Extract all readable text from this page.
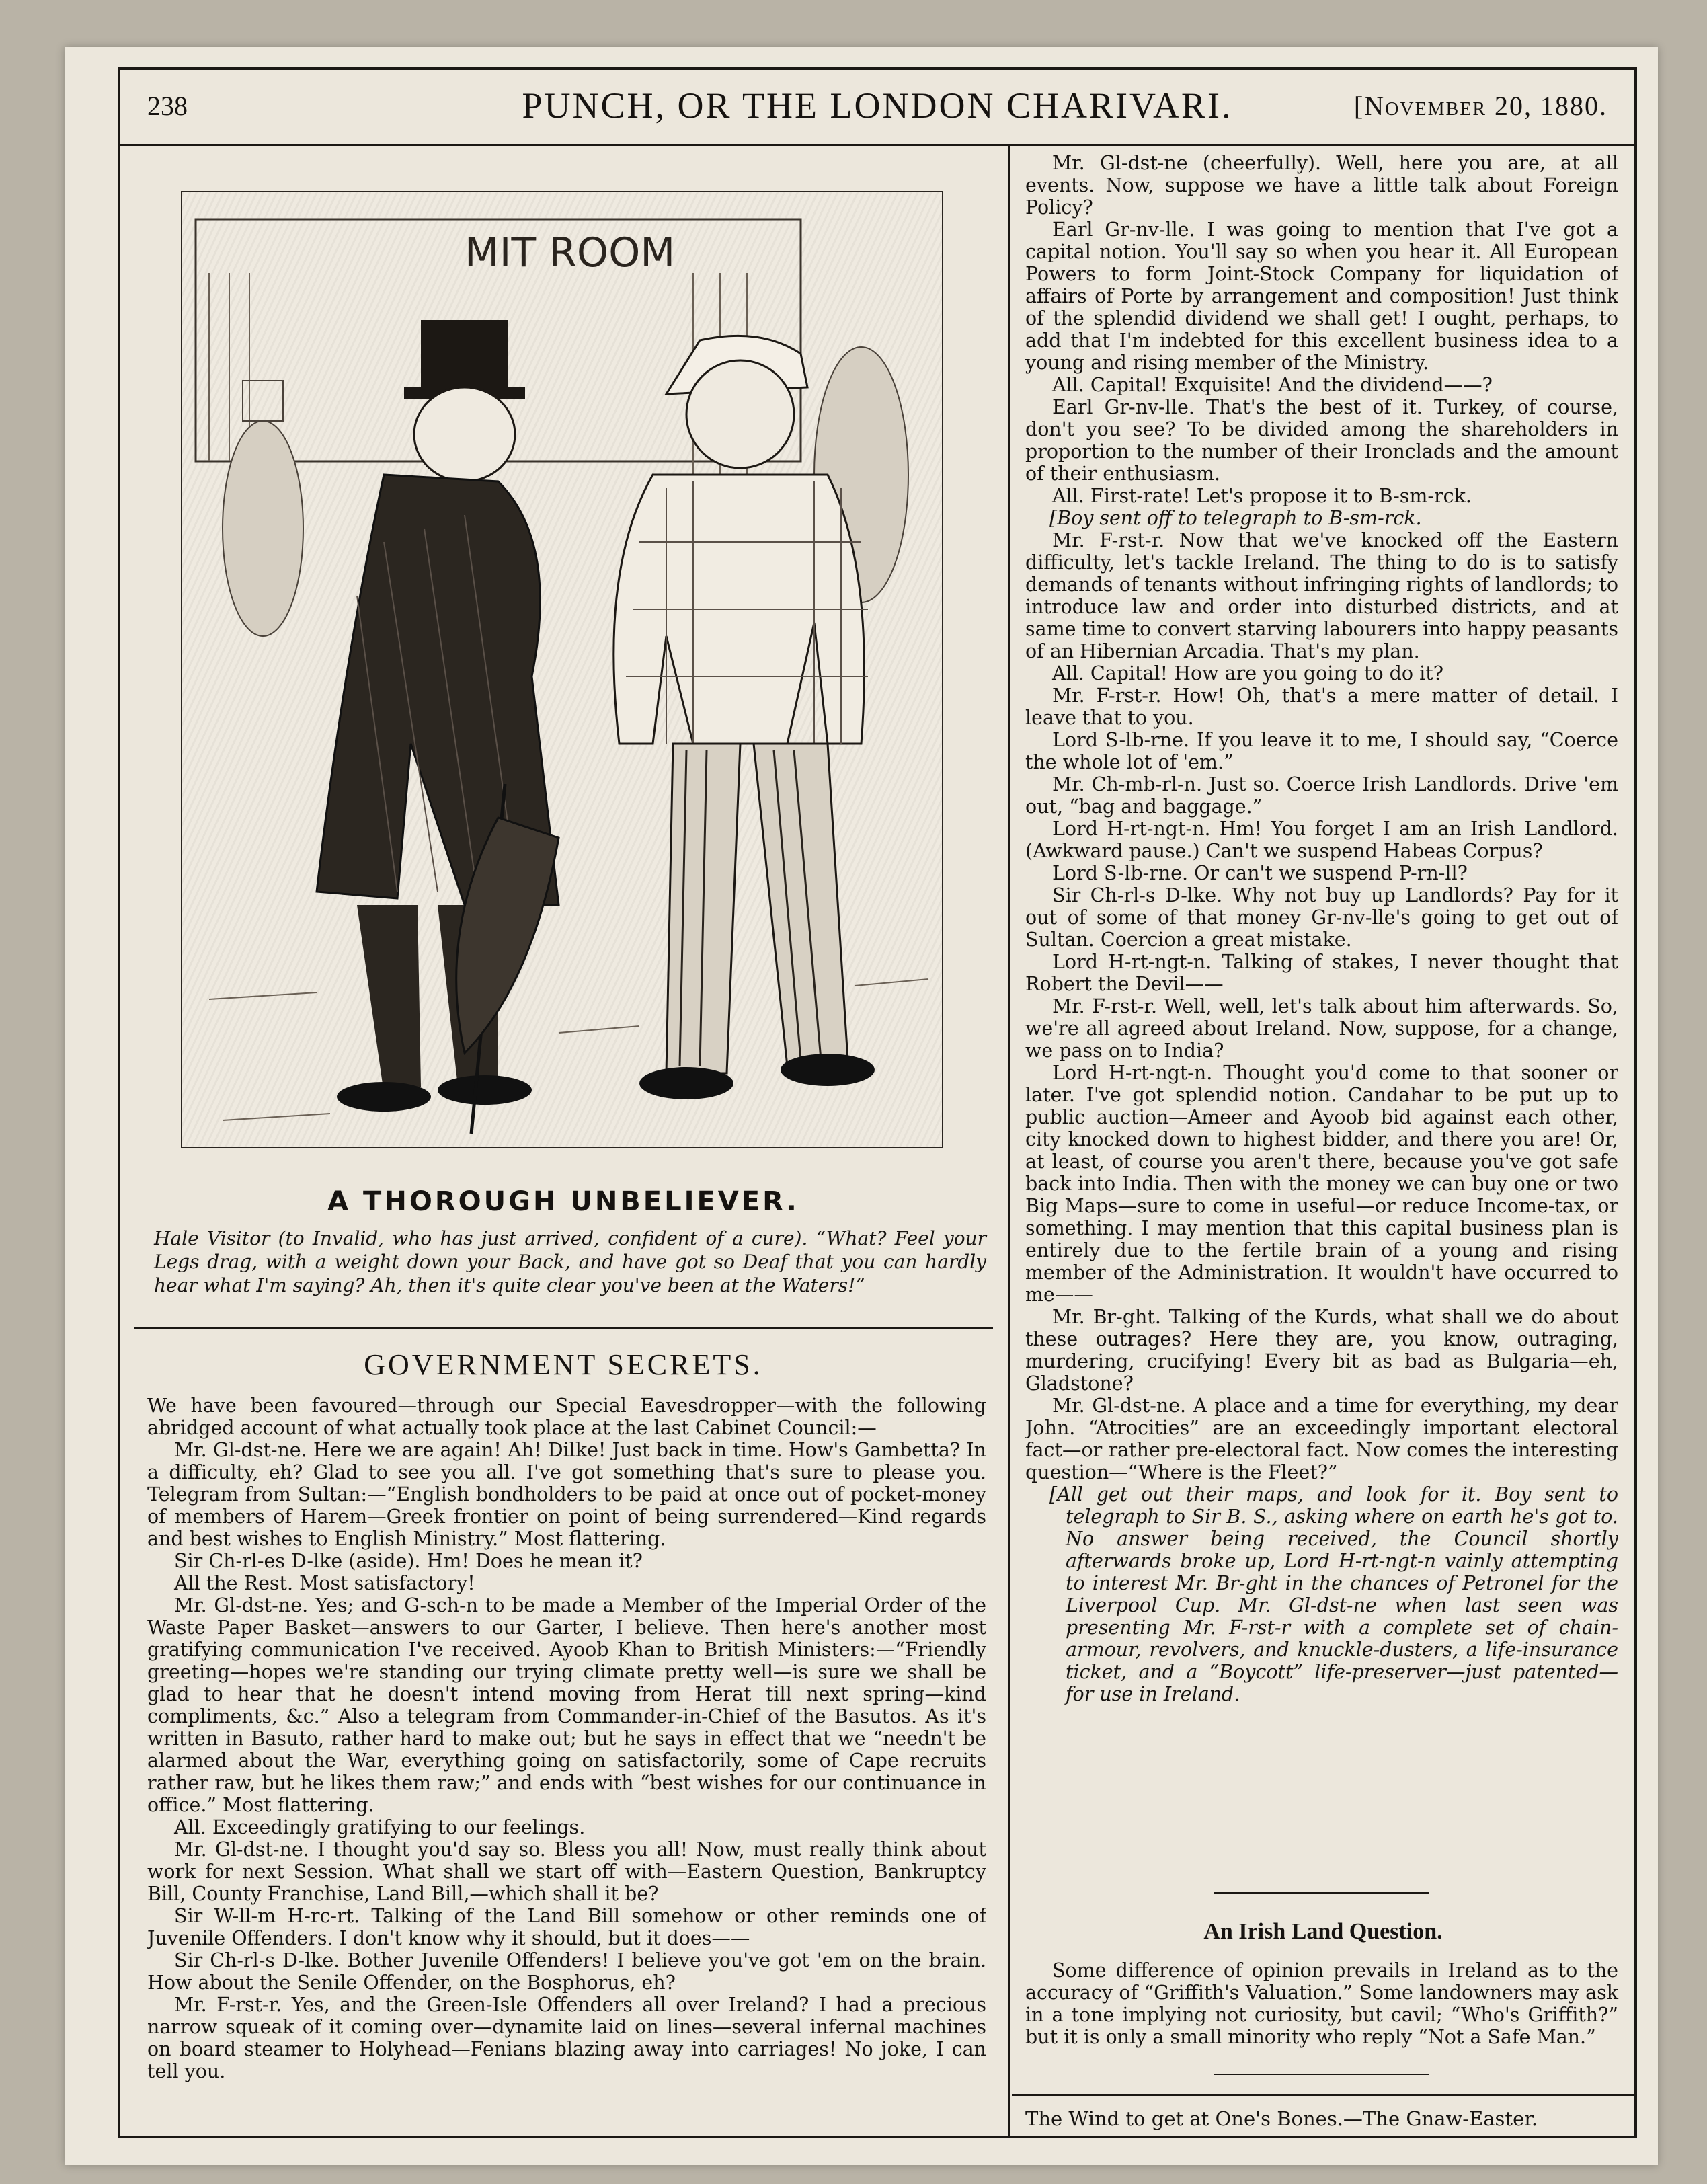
238	PUNCH, OR THE LONDON CHARIVARI.	[November 20, 1880.
MIT ROOM
A THOROUGH UNBELIEVER.
Hale Visitor (to Invalid, who has just arrived, confident of a cure). “What? Feel your Legs drag, with a weight down your Back, and have got so Deaf that you can hardly hear what I'm saying? Ah, then it's quite clear you've been at the Waters!”
GOVERNMENT SECRETS.

We have been favoured—through our Special Eavesdropper—with the following abridged account of what actually took place at the last Cabinet Council:—

Mr. Gl-dst-ne. Here we are again! Ah! Dilke! Just back in time. How's Gambetta? In a difficulty, eh? Glad to see you all. I've got something that's sure to please you. Telegram from Sultan:—“English bondholders to be paid at once out of pocket-money of members of Harem—Greek frontier on point of being surrendered—Kind regards and best wishes to English Ministry.” Most flattering.

Sir Ch-rl-es D-lke (aside). Hm! Does he mean it?

All the Rest. Most satisfactory!

Mr. Gl-dst-ne. Yes; and G-sch-n to be made a Member of the Imperial Order of the Waste Paper Basket—answers to our Garter, I believe. Then here's another most gratifying communication I've received. Ayoob Khan to British Ministers:—“Friendly greeting—hopes we're standing our trying climate pretty well—is sure we shall be glad to hear that he doesn't intend moving from Herat till next spring—kind compliments, &c.” Also a telegram from Commander-in-Chief of the Basutos. As it's written in Basuto, rather hard to make out; but he says in effect that we “needn't be alarmed about the War, everything going on satisfactorily, some of Cape recruits rather raw, but he likes them raw;” and ends with “best wishes for our continuance in office.” Most flattering.

All. Exceedingly gratifying to our feelings.

Mr. Gl-dst-ne. I thought you'd say so. Bless you all! Now, must really think about work for next Session. What shall we start off with—Eastern Question, Bankruptcy Bill, County Franchise, Land Bill,—which shall it be?

Sir W-ll-m H-rc-rt. Talking of the Land Bill somehow or other reminds one of Juvenile Offenders. I don't know why it should, but it does——

Sir Ch-rl-s D-lke. Bother Juvenile Offenders! I believe you've got 'em on the brain. How about the Senile Offender, on the Bosphorus, eh?

Mr. F-rst-r. Yes, and the Green-Isle Offenders all over Ireland? I had a precious narrow squeak of it coming over—dynamite laid on lines—several infernal machines on board steamer to Holyhead—Fenians blazing away into carriages! No joke, I can tell you.

Mr. Gl-dst-ne (cheerfully). Well, here you are, at all events. Now, suppose we have a little talk about Foreign Policy?

Earl Gr-nv-lle. I was going to mention that I've got a capital notion. You'll say so when you hear it. All European Powers to form Joint-Stock Company for liquidation of affairs of Porte by arrangement and composition! Just think of the splendid dividend we shall get! I ought, perhaps, to add that I'm indebted for this excellent business idea to a young and rising member of the Ministry.

All. Capital! Exquisite! And the dividend——?

Earl Gr-nv-lle. That's the best of it. Turkey, of course, don't you see? To be divided among the shareholders in proportion to the number of their Ironclads and the amount of their enthusiasm.

All. First-rate! Let's propose it to B-sm-rck.

[Boy sent off to telegraph to B-sm-rck.

Mr. F-rst-r. Now that we've knocked off the Eastern difficulty, let's tackle Ireland. The thing to do is to satisfy demands of tenants without infringing rights of landlords; to introduce law and order into disturbed districts, and at same time to convert starving labourers into happy peasants of an Hibernian Arcadia. That's my plan.

All. Capital! How are you going to do it?

Mr. F-rst-r. How! Oh, that's a mere matter of detail. I leave that to you.

Lord S-lb-rne. If you leave it to me, I should say, “Coerce the whole lot of 'em.”

Mr. Ch-mb-rl-n. Just so. Coerce Irish Landlords. Drive 'em out, “bag and baggage.”

Lord H-rt-ngt-n. Hm! You forget I am an Irish Landlord. (Awkward pause.) Can't we suspend Habeas Corpus?

Lord S-lb-rne. Or can't we suspend P-rn-ll?

Sir Ch-rl-s D-lke. Why not buy up Landlords? Pay for it out of some of that money Gr-nv-lle's going to get out of Sultan. Coercion a great mistake.

Lord H-rt-ngt-n. Talking of stakes, I never thought that Robert the Devil——

Mr. F-rst-r. Well, well, let's talk about him afterwards. So, we're all agreed about Ireland. Now, suppose, for a change, we pass on to India?

Lord H-rt-ngt-n. Thought you'd come to that sooner or later. I've got splendid notion. Candahar to be put up to public auction—Ameer and Ayoob bid against each other, city knocked down to highest bidder, and there you are! Or, at least, of course you aren't there, because you've got safe back into India. Then with the money we can buy one or two Big Maps—sure to come in useful—or reduce Income-tax, or something. I may mention that this capital business plan is entirely due to the fertile brain of a young and rising member of the Administration. It wouldn't have occurred to me——

Mr. Br-ght. Talking of the Kurds, what shall we do about these outrages? Here they are, you know, outraging, murdering, crucifying! Every bit as bad as Bulgaria—eh, Gladstone?

Mr. Gl-dst-ne. A place and a time for everything, my dear John. “Atrocities” are an exceedingly important electoral fact—or rather pre-electoral fact. Now comes the interesting question—“Where is the Fleet?”

[All get out their maps, and look for it. Boy sent to telegraph to Sir B. S., asking where on earth he's got to. No answer being received, the Council shortly afterwards broke up, Lord H-rt-ngt-n vainly attempting to interest Mr. Br-ght in the chances of Petronel for the Liverpool Cup. Mr. Gl-dst-ne when last seen was presenting Mr. F-rst-r with a complete set of chain-armour, revolvers, and knuckle-dusters, a life-insurance ticket, and a “Boycott” life-preserver—just patented—for use in Ireland.

An Irish Land Question.

Some difference of opinion prevails in Ireland as to the accuracy of “Griffith's Valuation.” Some landowners may ask in a tone implying not curiosity, but cavil; “Who's Griffith?” but it is only a small minority who reply “Not a Safe Man.”

The Wind to get at One's Bones.—The Gnaw-Easter.
